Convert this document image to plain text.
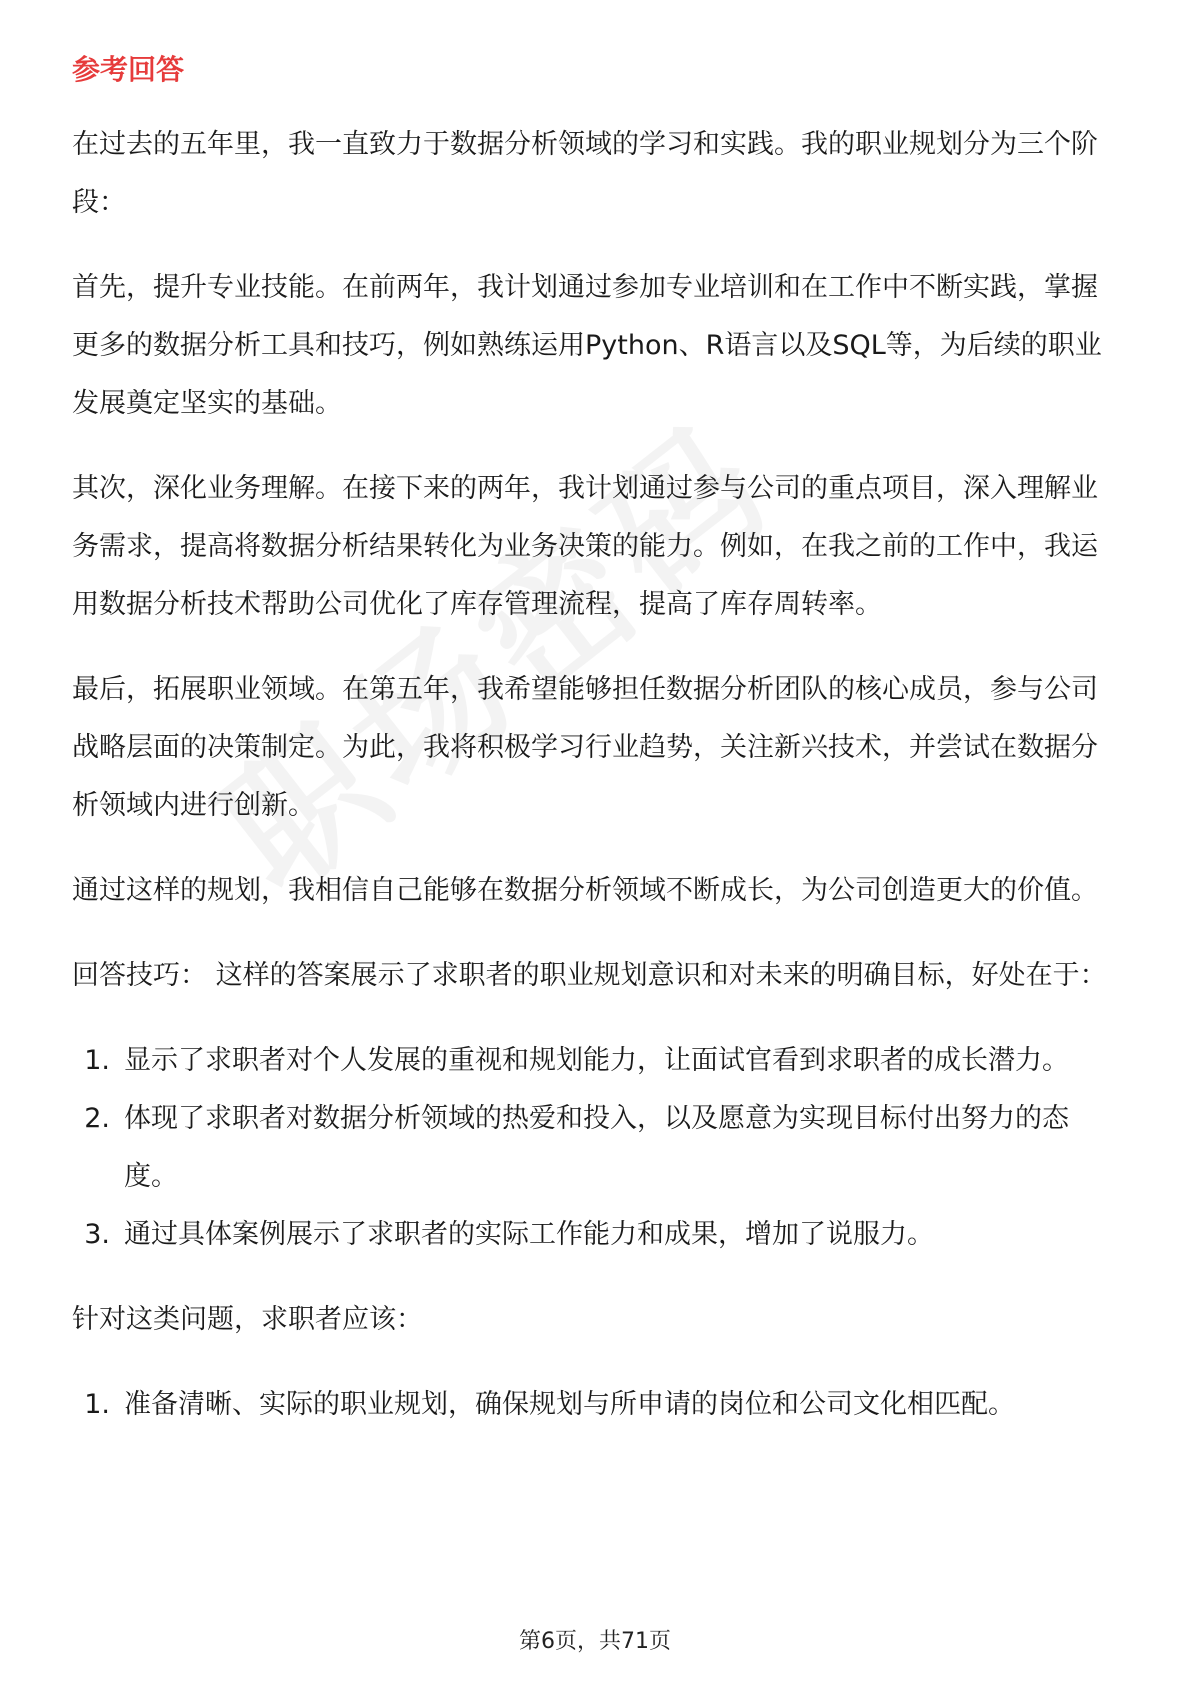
参考回答

在过去的五年里，我一直致力于数据分析领域的学习和实践。我的职业规划分为三个阶段：

首先，提升专业技能。在前两年，我计划通过参加专业培训和在工作中不断实践，掌握更多的数据分析工具和技巧，例如熟练运用Python、R语言以及SQL等，为后续的职业发展奠定坚实的基础。

其次，深化业务理解。在接下来的两年，我计划通过参与公司的重点项目，深入理解业务需求，提高将数据分析结果转化为业务决策的能力。例如，在我之前的工作中，我运用数据分析技术帮助公司优化了库存管理流程，提高了库存周转率。

最后，拓展职业领域。在第五年，我希望能够担任数据分析团队的核心成员，参与公司战略层面的决策制定。为此，我将积极学习行业趋势，关注新兴技术，并尝试在数据分析领域内进行创新。

通过这样的规划，我相信自己能够在数据分析领域不断成长，为公司创造更大的价值。

回答技巧： 这样的答案展示了求职者的职业规划意识和对未来的明确目标，好处在于：

1. 显示了求职者对个人发展的重视和规划能力，让面试官看到求职者的成长潜力。
2. 体现了求职者对数据分析领域的热爱和投入，以及愿意为实现目标付出努力的态度。
3. 通过具体案例展示了求职者的实际工作能力和成果，增加了说服力。

针对这类问题，求职者应该：

1. 准备清晰、实际的职业规划，确保规划与所申请的岗位和公司文化相匹配。
第6页，共71页
